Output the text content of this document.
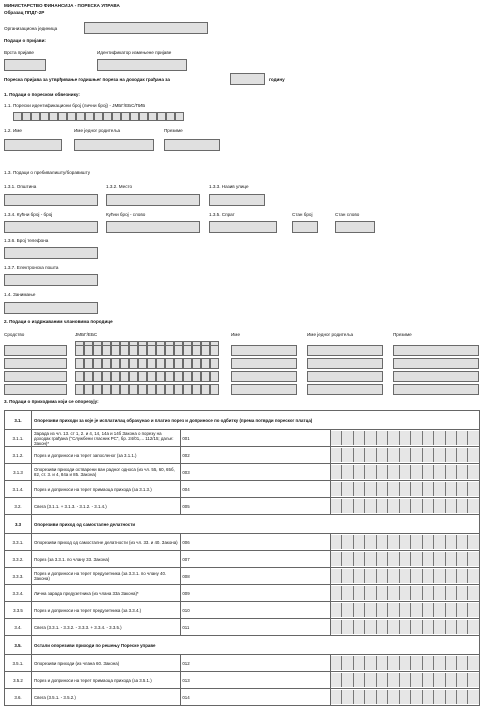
МИНИСТАРСТВО ФИНАНСИЈА - ПОРЕСКА УПРАВА
Образац ППДГ-2Р
Организациона јединица
Подаци о пријави:
Врста пријаве	Идентификатор измењене пријаве
Пореска пријава за утврђивање годишњег пореза на доходак грађана за	годину
1. Подаци о пореском обвезнику:
1.1. Порески идентификациони број (лични број) - ЈМБГ/ЕБС/ПИБ
1.2. Име	Име једног родитеља	Презиме
1.3. Подаци о пребивалишту/боравишту
1.3.1. Општина	1.3.2. Место	1.3.3. Назив улице
1.3.4. Кућни број - број	Кућни број - слово	1.3.5. Спрат	Стан број	Стан слово
1.3.6. Број телефона
1.3.7. Електронска пошта
1.4. Занимање
2. Подаци о издржаваним члановима породице
Сродство	ЈМБГ/ЕБС	Име	Име једног родитеља	Презиме
3. Подаци о приходима који се опорезују:
3.1.	Опорезиви приходи за које је исплатилац обрачунао и платио порез и доприносе по одбитку (према потврди пореског платца)		
3.1.1.	Зарада из чл. 13. ст 1, 2. и 4, 14, 14а и 14б Закона о порезу на доходак грађана ("Службени гласник РС", бр. 24/01,... 112/15; даље: Закон)*	001	

3.1.2.	Порез и доприноси на терет запосленог (за 3.1.1.)	002	

3.1.3	Опорезиви приходи остварени ван радног односа (из чл. 55, 60, 65б, 82, ст. 3. и 4, 84а и 85. Закона)	003	

3.1.4.	Порез и доприноси на терет примаоца прихода (за 3.1.3.)	004	

3.2.	Свега (3.1.1. + 3.1.3. - 3.1.2. - 3.1.4.)	005	

3.3	Опорезиви приход од самосталне делатности		
3.3.1.	Опорезиви приход од самосталне делатности (из чл. 33. и 40. Закона)	006	

3.3.2.	Порез (за 3.3.1. по члану 33. Закона)	007	

3.3.3.	Порез и доприноси на терет предузетника (за 3.3.1. по члану 40. Закона)	008	

3.3.4.	Лична зарада предузетника (из члана 33а Закона)*	009	

3.3.5	Порез и доприноси на терет предузетника (за 3.3.4.)	010	

3.4.	Свега (3.3.1. - 3.3.2. - 3.3.3. + 3.3.4. - 3.3.5.)	011	

3.5.	Остали опорезиви приходи по решењу Пореске управе		
3.5.1.	Опорезиви приходи (из члана 60. Закона)	012	

3.5.2	Порез и доприноси на терет примаоца прихода (за 3.5.1.)	013	

3.6.	Свега (3.5.1. - 3.5.2.)	014	
